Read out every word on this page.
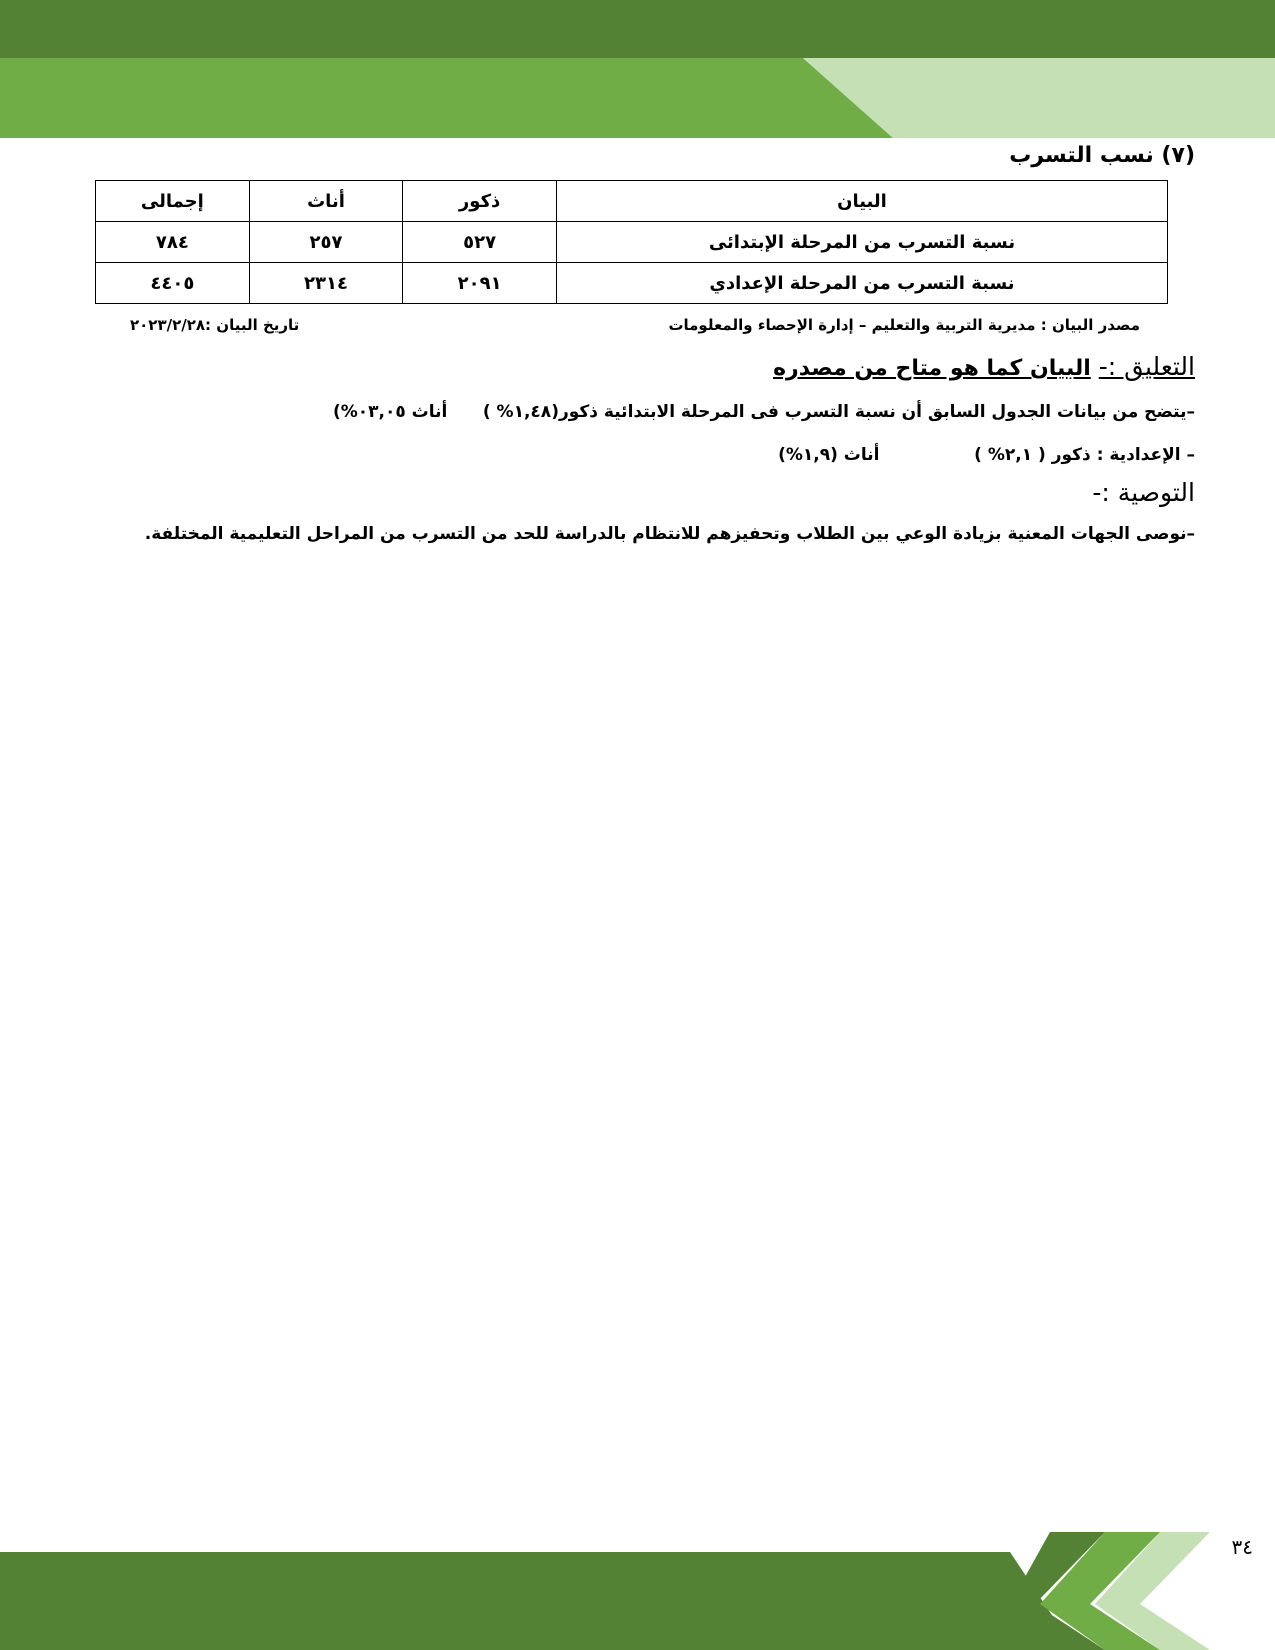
(٧) نسب التسرب
البيان	ذكور	أناث	إجمالى
نسبة التسرب من المرحلة الإبتدائى	٥٢٧	٢٥٧	٧٨٤
نسبة التسرب من المرحلة الإعدادي	٢٠٩١	٢٣١٤	٤٤٠٥
مصدر البيان : مديرية التربية والتعليم – إدارة الإحصاء والمعلومات
تاريخ البيان :٢٠٢٣/٢/٢٨
التعليق :- البيان كما هو متاح من مصدره
–يتضح من بيانات الجدول السابق أن نسبة التسرب فى المرحلة الابتدائية ذكور(١,٤٨% )      أناث ٠٣,٠٥%)
– الإعدادية : ذكور ( ٢,١% )                أناث (١,٩%)
التوصية :-
–نوصى الجهات المعنية بزيادة الوعي بين الطلاب وتحفيزهم للانتظام بالدراسة للحد من التسرب من المراحل التعليمية المختلفة.
٣٤
